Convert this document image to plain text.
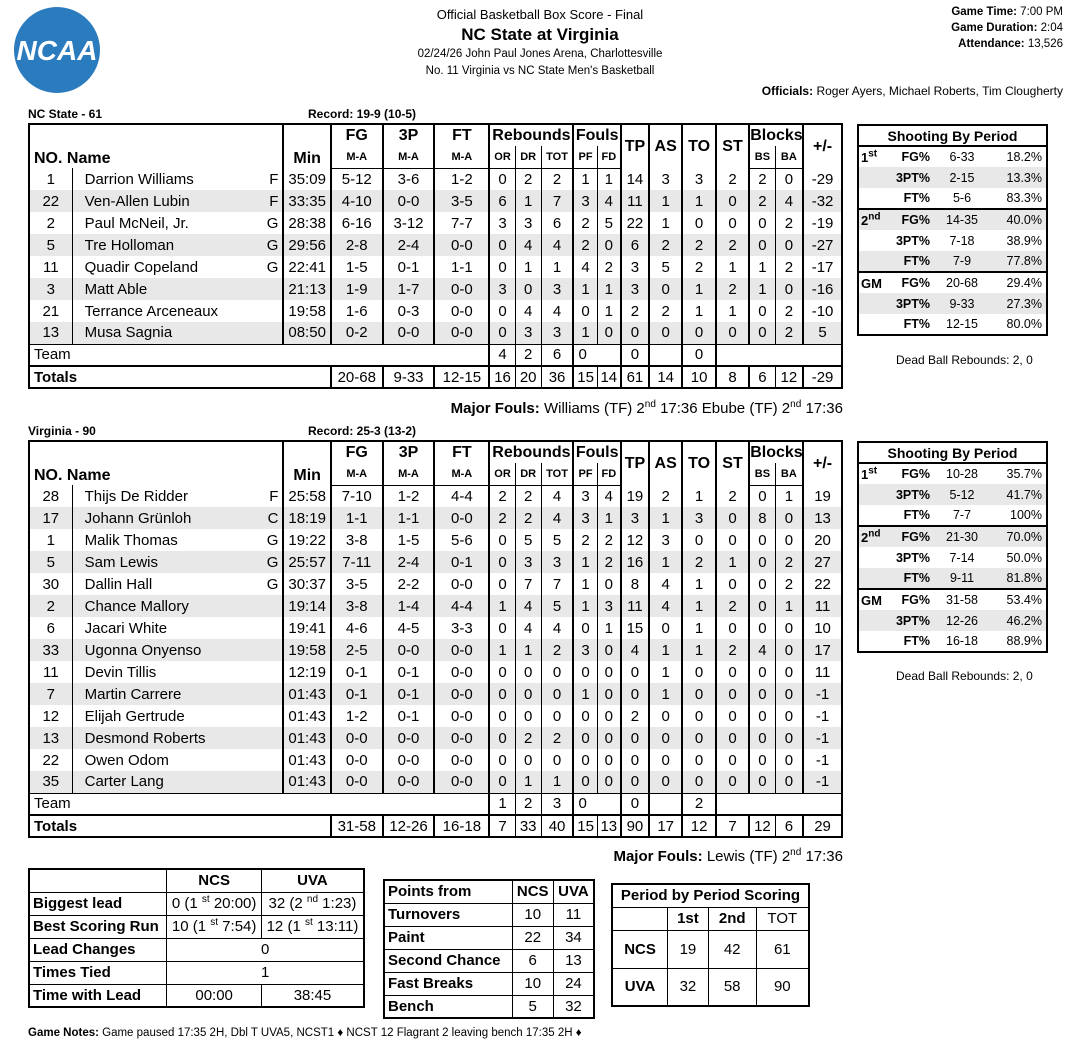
NCAA
Official Basketball Box Score - Final
NC State at Virginia
02/24/26 John Paul Jones Arena, Charlottesville
No. 11 Virginia vs NC State Men's Basketball
Game Time: 7:00 PM
Game Duration: 2:04
Attendance: 13,526
Officials: Roger Ayers, Michael Roberts, Tim Clougherty
NC State - 61	Record: 19-9 (10-5)
NO. Name		Min	FG	3P	FT	Rebounds			Fouls		TP	AS	TO	ST	Blocks		+/-
			M-A	M-A	M-A	OR	DR	TOT	PF	FD					BS	BA	
1	Darrion Williams F	35:09	5-12	3-6	1-2	0	2	2	1	1	14	3	3	2	2	0	-29
22	Ven-Allen Lubin F	33:35	4-10	0-0	3-5	6	1	7	3	4	11	1	1	0	2	4	-32
2	Paul McNeil, Jr. G	28:38	6-16	3-12	7-7	3	3	6	2	5	22	1	0	0	0	2	-19
5	Tre Holloman G	29:56	2-8	2-4	0-0	0	4	4	2	0	6	2	2	2	0	0	-27
11	Quadir Copeland G	22:41	1-5	0-1	1-1	0	1	1	4	2	3	5	2	1	1	2	-17
3	Matt Able	21:13	1-9	1-7	0-0	3	0	3	1	1	3	0	1	2	1	0	-16
21	Terrance Arceneaux	19:58	1-6	0-3	0-0	0	4	4	0	1	2	2	1	1	0	2	-10
13	Musa Sagnia	08:50	0-2	0-0	0-0	0	3	3	1	0	0	0	0	0	0	2	5
Team						4	2	6	0		0		0				
Totals			20-68	9-33	12-15	16	20	36	15	14	61	14	10	8	6	12	-29
Shooting By Period			
1st	FG%	6-33	18.2%
	3PT%	2-15	13.3%
	FT%	5-6	83.3%
2nd	FG%	14-35	40.0%
	3PT%	7-18	38.9%
	FT%	7-9	77.8%
GM	FG%	20-68	29.4%
	3PT%	9-33	27.3%
	FT%	12-15	80.0%
Dead Ball Rebounds: 2, 0
Major Fouls: Williams (TF) 2nd 17:36 Ebube (TF) 2nd 17:36
Virginia - 90	Record: 25-3 (13-2)
NO. Name		Min	FG	3P	FT	Rebounds			Fouls		TP	AS	TO	ST	Blocks		+/-
			M-A	M-A	M-A	OR	DR	TOT	PF	FD					BS	BA	
28	Thijs De Ridder F	25:58	7-10	1-2	4-4	2	2	4	3	4	19	2	1	2	0	1	19
17	Johann Grünloh C	18:19	1-1	1-1	0-0	2	2	4	3	1	3	1	3	0	8	0	13
1	Malik Thomas G	19:22	3-8	1-5	5-6	0	5	5	2	2	12	3	0	0	0	0	20
5	Sam Lewis G	25:57	7-11	2-4	0-1	0	3	3	1	2	16	1	2	1	0	2	27
30	Dallin Hall G	30:37	3-5	2-2	0-0	0	7	7	1	0	8	4	1	0	0	2	22
2	Chance Mallory	19:14	3-8	1-4	4-4	1	4	5	1	3	11	4	1	2	0	1	11
6	Jacari White	19:41	4-6	4-5	3-3	0	4	4	0	1	15	0	1	0	0	0	10
33	Ugonna Onyenso	19:58	2-5	0-0	0-0	1	1	2	3	0	4	1	1	2	4	0	17
11	Devin Tillis	12:19	0-1	0-1	0-0	0	0	0	0	0	0	1	0	0	0	0	11
7	Martin Carrere	01:43	0-1	0-1	0-0	0	0	0	1	0	0	1	0	0	0	0	-1
12	Elijah Gertrude	01:43	1-2	0-1	0-0	0	0	0	0	0	2	0	0	0	0	0	-1
13	Desmond Roberts	01:43	0-0	0-0	0-0	0	2	2	0	0	0	0	0	0	0	0	-1
22	Owen Odom	01:43	0-0	0-0	0-0	0	0	0	0	0	0	0	0	0	0	0	-1
35	Carter Lang	01:43	0-0	0-0	0-0	0	1	1	0	0	0	0	0	0	0	0	-1
Team						1	2	3	0		0		2				
Totals			31-58	12-26	16-18	7	33	40	15	13	90	17	12	7	12	6	29
Shooting By Period			
1st	FG%	10-28	35.7%
	3PT%	5-12	41.7%
	FT%	7-7	100%
2nd	FG%	21-30	70.0%
	3PT%	7-14	50.0%
	FT%	9-11	81.8%
GM	FG%	31-58	53.4%
	3PT%	12-26	46.2%
	FT%	16-18	88.9%
Dead Ball Rebounds: 2, 0
Major Fouls: Lewis (TF) 2nd 17:36
	NCS	UVA
Biggest lead	0 (1 $^{st}$ 20:00)	32 (2 $^{nd}$ 1:23)
Best Scoring Run	10 (1 $^{st}$ 7:54)	12 (1 $^{st}$ 13:11)
Lead Changes	0	
Times Tied	1	
Time with Lead	00:00	38:45
Points from	NCS	UVA
Turnovers	10	11
Paint	22	34
Second Chance	6	13
Fast Breaks	10	24
Bench	5	32
Period by Period Scoring			
	1st	2nd	TOT
NCS	19	42	61
UVA	32	58	90
Game Notes: Game paused 17:35 2H, Dbl T UVA5, NCST1 ♦ NCST 12 Flagrant 2 leaving bench 17:35 2H ♦
